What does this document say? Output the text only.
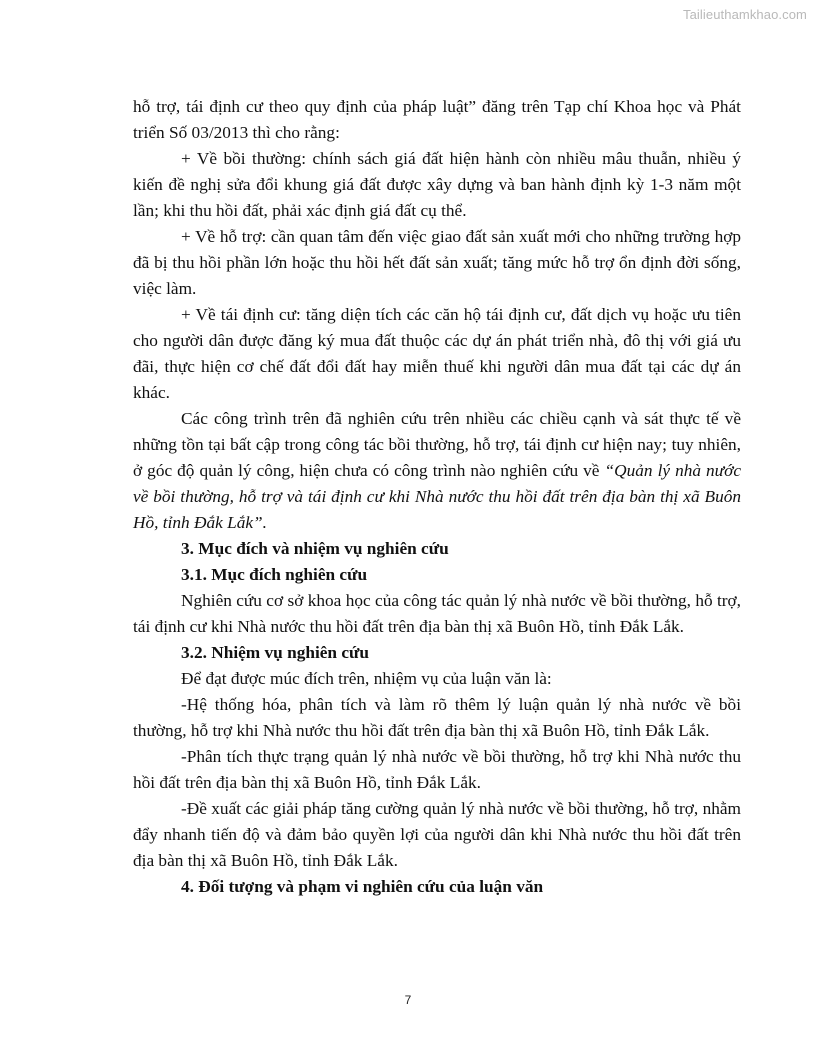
Tailieuthamkhao.com

hỗ trợ, tái định cư theo quy định của pháp luật” đăng trên Tạp chí Khoa học và Phát triển Số 03/2013 thì cho rằng:

+ Về bồi thường: chính sách giá đất hiện hành còn nhiều mâu thuẫn, nhiều ý kiến đề nghị sửa đổi khung giá đất được xây dựng và ban hành định kỳ 1-3 năm một lần; khi thu hồi đất, phải xác định giá đất cụ thể.

+ Về hỗ trợ: cần quan tâm đến việc giao đất sản xuất mới cho những trường hợp đã bị thu hồi phần lớn hoặc thu hồi hết đất sản xuất; tăng mức hỗ trợ ổn định đời sống, việc làm.

+ Về tái định cư: tăng diện tích các căn hộ tái định cư, đất dịch vụ hoặc ưu tiên cho người dân được đăng ký mua đất thuộc các dự án phát triển nhà, đô thị với giá ưu đãi, thực hiện cơ chế đất đổi đất hay miễn thuế khi người dân mua đất tại các dự án khác.

Các công trình trên đã nghiên cứu trên nhiều các chiều cạnh và sát thực tế về những tồn tại bất cập trong công tác bồi thường, hỗ trợ, tái định cư hiện nay; tuy nhiên, ở góc độ quản lý công, hiện chưa có công trình nào nghiên cứu về “Quản lý nhà nước về bồi thường, hỗ trợ và tái định cư khi Nhà nước thu hồi đất trên địa bàn thị xã Buôn Hồ, tỉnh Đắk Lắk”.

3. Mục đích và nhiệm vụ nghiên cứu

3.1. Mục đích nghiên cứu

Nghiên cứu cơ sở khoa học của công tác quản lý nhà nước về bồi thường, hỗ trợ, tái định cư khi Nhà nước thu hồi đất trên địa bàn thị xã Buôn Hồ, tỉnh Đắk Lắk.

3.2. Nhiệm vụ nghiên cứu

Để đạt được múc đích trên, nhiệm vụ của luận văn là:

-Hệ thống hóa, phân tích và làm rõ thêm lý luận quản lý nhà nước về bồi thường, hỗ trợ khi Nhà nước thu hồi đất trên địa bàn thị xã Buôn Hồ, tỉnh Đắk Lắk.

-Phân tích thực trạng quản lý nhà nước về bồi thường, hỗ trợ khi Nhà nước thu hồi đất trên địa bàn thị xã Buôn Hồ, tỉnh Đắk Lắk.

-Đề xuất các giải pháp tăng cường quản lý nhà nước về bồi thường, hỗ trợ, nhằm đẩy nhanh tiến độ và đảm bảo quyền lợi của người dân khi Nhà nước thu hồi đất trên địa bàn thị xã Buôn Hồ, tỉnh Đắk Lắk.

4. Đối tượng và phạm vi nghiên cứu của luận văn

7
